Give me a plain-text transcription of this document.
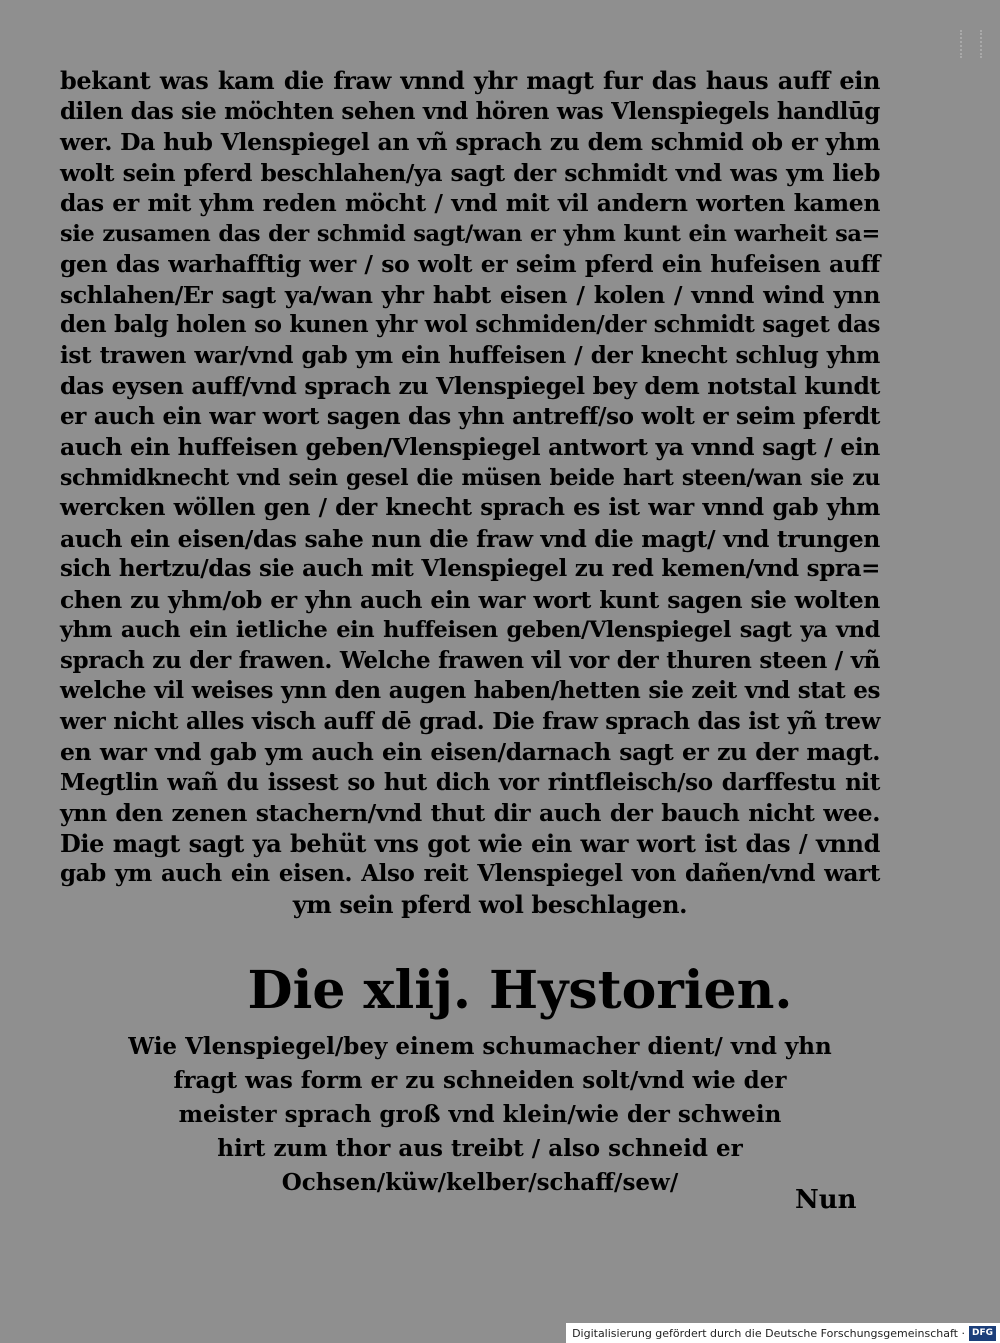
bekant was kam die fraw vnnd yhr magt fur das haus auff ein
dilen das sie möchten sehen vnd hören was Vlenspiegels handlūg
wer. Da hub Vlenspiegel an vñ sprach zu dem schmid ob er yhm
wolt sein pferd beschlahen/ya sagt der schmidt vnd was ym lieb
das er mit yhm reden möcht / vnd mit vil andern worten kamen
sie zusamen das der schmid sagt/wan er yhm kunt ein warheit sa=
gen das warhafftig wer / so wolt er seim pferd ein hufeisen auff
schlahen/Er sagt ya/wan yhr habt eisen / kolen / vnnd wind ynn
den balg holen so kunen yhr wol schmiden/der schmidt saget das
ist trawen war/vnd gab ym ein huffeisen / der knecht schlug yhm
das eysen auff/vnd sprach zu Vlenspiegel bey dem notstal kundt
er auch ein war wort sagen das yhn antreff/so wolt er seim pferdt
auch ein huffeisen geben/Vlenspiegel antwort ya vnnd sagt / ein
schmidknecht vnd sein gesel die müsen beide hart steen/wan sie zu
wercken wöllen gen / der knecht sprach es ist war vnnd gab yhm
auch ein eisen/das sahe nun die fraw vnd die magt/ vnd trungen
sich hertzu/das sie auch mit Vlenspiegel zu red kemen/vnd spra=
chen zu yhm/ob er yhn auch ein war wort kunt sagen sie wolten
yhm auch ein ietliche ein huffeisen geben/Vlenspiegel sagt ya vnd
sprach zu der frawen. Welche frawen vil vor der thuren steen / vñ
welche vil weises ynn den augen haben/hetten sie zeit vnd stat es
wer nicht alles visch auff dē grad. Die fraw sprach das ist yñ trew
en war vnd gab ym auch ein eisen/darnach sagt er zu der magt.
Megtlin wañ du issest so hut dich vor rintfleisch/so darffestu nit
ynn den zenen stachern/vnd thut dir auch der bauch nicht wee.
Die magt sagt ya behüt vns got wie ein war wort ist das / vnnd
gab ym auch ein eisen. Also reit Vlenspiegel von dañen/vnd wart
ym sein pferd wol beschlagen.
Die xlij. Hystorien.
Wie Vlenspiegel/bey einem schumacher dient/ vnd yhn
fragt was form er zu schneiden solt/vnd wie der
meister sprach groß vnd klein/wie der schwein
hirt zum thor aus treibt / also schneid er
Ochsen/küw/kelber/schaff/sew/
Nun
Digitalisierung gefördert durch die Deutsche Forschungsgemeinschaft · DFG
